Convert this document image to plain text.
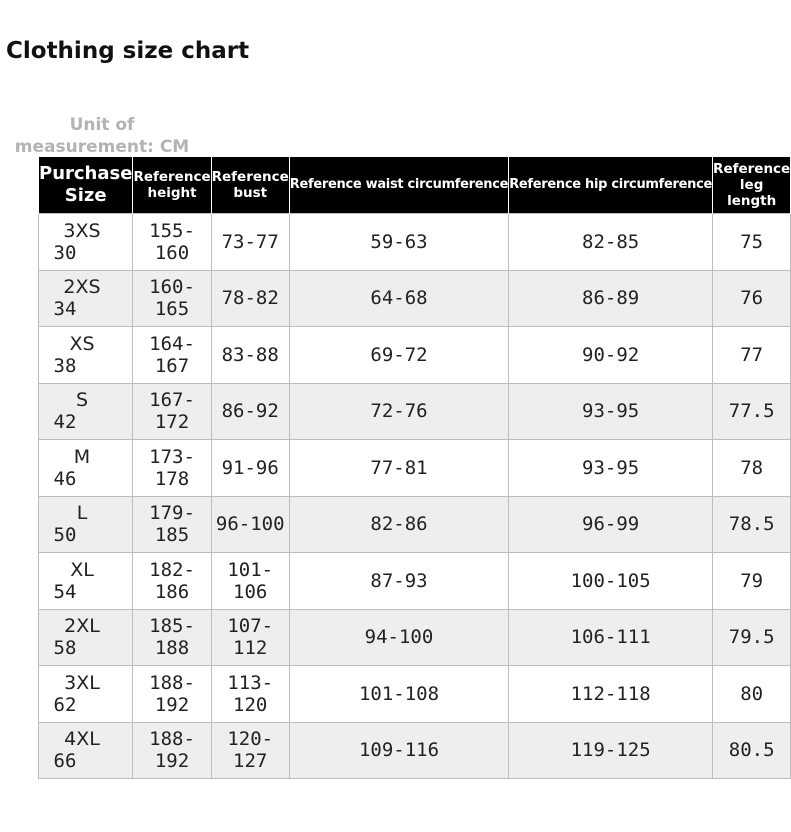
Clothing size chart
Unit of measurement: CM
Purchase Size	Reference height	Reference bust	Reference waist circumference	Reference hip circumference	Reference leg length
3XS30	155-160	73-77	59-63	82-85	75
2XS34	160-165	78-82	64-68	86-89	76
XS38	164-167	83-88	69-72	90-92	77
S42	167-172	86-92	72-76	93-95	77.5
M46	173-178	91-96	77-81	93-95	78
L50	179-185	96-100	82-86	96-99	78.5
XL54	182-186	101-106	87-93	100-105	79
2XL58	185-188	107-112	94-100	106-111	79.5
3XL62	188-192	113-120	101-108	112-118	80
4XL66	188-192	120-127	109-116	119-125	80.5
